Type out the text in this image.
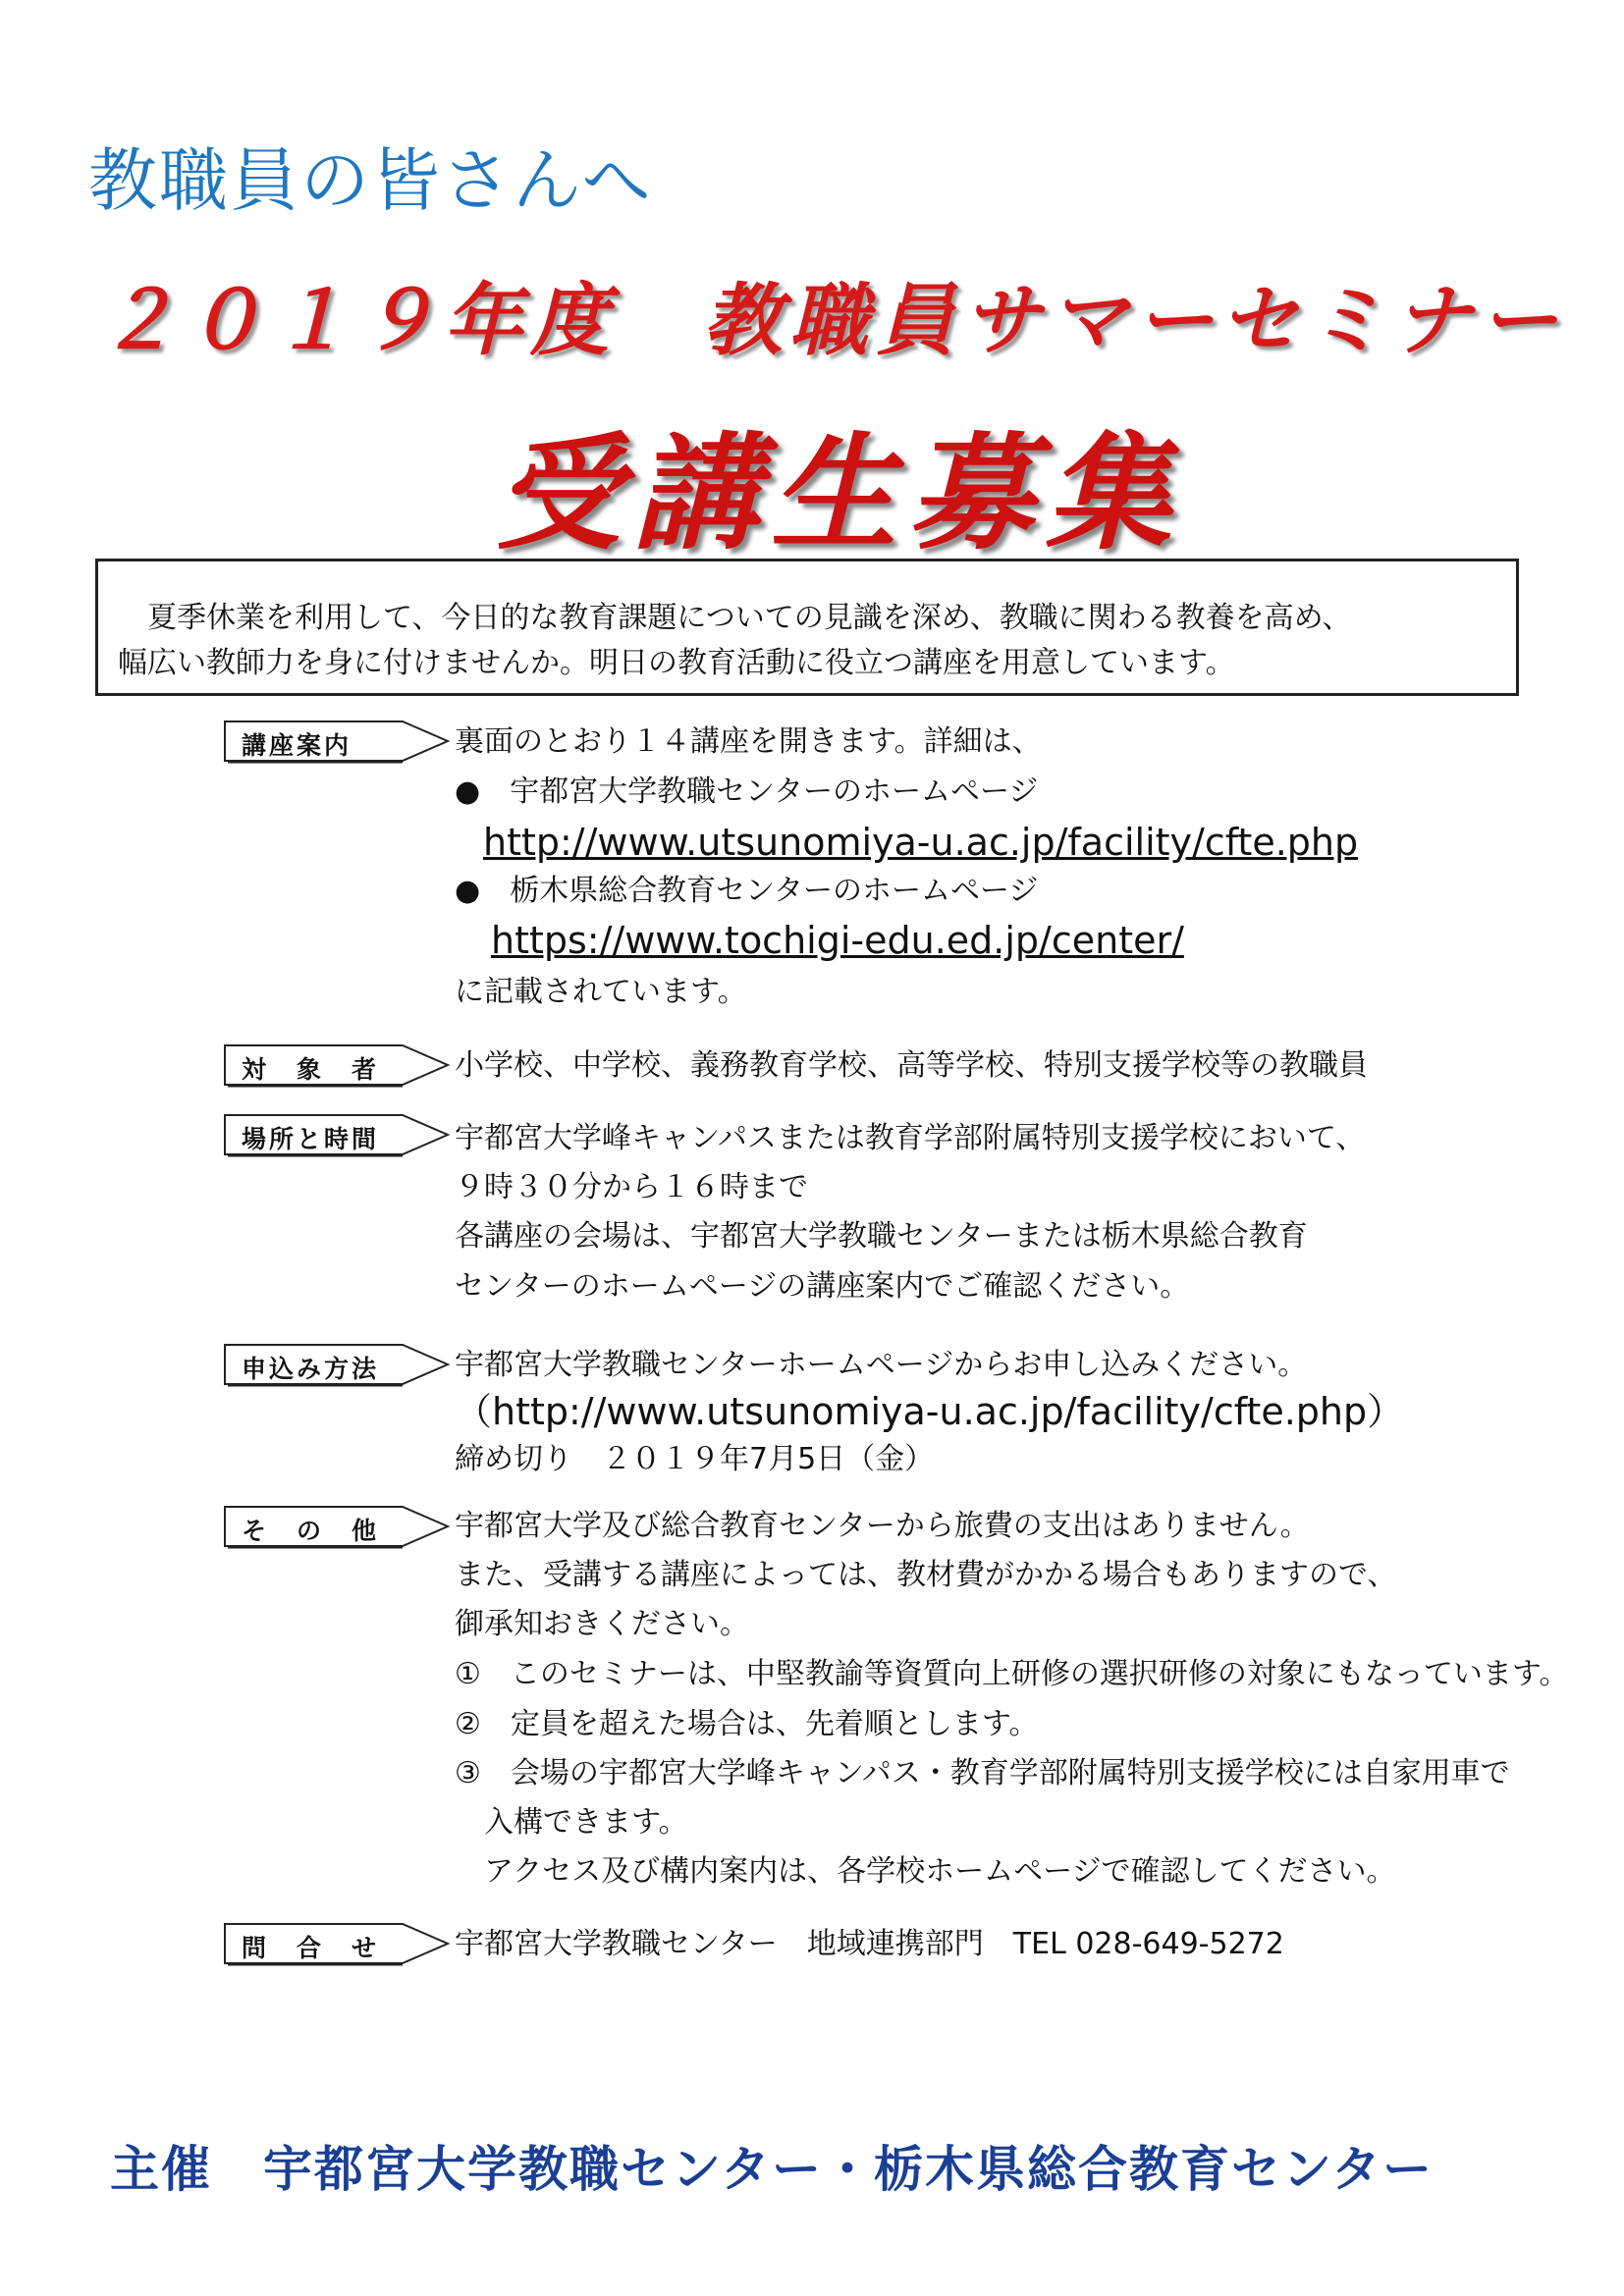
教職員の皆さんへ
２０１９年度　教職員サマーセミナー
受講生募集

夏季休業を利用して、今日的な教育課題についての見識を深め、教職に関わる教養を高め、
幅広い教師力を身に付けませんか。明日の教育活動に役立つ講座を用意しています。

講座案内	裏面のとおり１４講座を開きます。詳細は、
●　宇都宮大学教職センターのホームページ
http://www.utsunomiya-u.ac.jp/facility/cfte.php
●　栃木県総合教育センターのホームページ
https://www.tochigi-edu.ed.jp/center/
に記載されています。
対　象　者	小学校、中学校、義務教育学校、高等学校、特別支援学校等の教職員
場所と時間	宇都宮大学峰キャンパスまたは教育学部附属特別支援学校において、
９時３０分から１６時まで
各講座の会場は、宇都宮大学教職センターまたは栃木県総合教育
センターのホームページの講座案内でご確認ください。
申込み方法	宇都宮大学教職センターホームページからお申し込みください。
（http://www.utsunomiya-u.ac.jp/facility/cfte.php）
締め切り　２０１９年7月5日（金）
そ　の　他	宇都宮大学及び総合教育センターから旅費の支出はありません。
また、受講する講座によっては、教材費がかかる場合もありますので、
御承知おきください。
①　このセミナーは、中堅教諭等資質向上研修の選択研修の対象にもなっています。
②　定員を超えた場合は、先着順とします。
③　会場の宇都宮大学峰キャンパス・教育学部附属特別支援学校には自家用車で
入構できます。
アクセス及び構内案内は、各学校ホームページで確認してください。
問　合　せ	宇都宮大学教職センター　地域連携部門　TEL 028-649-5272
主催　宇都宮大学教職センター・栃木県総合教育センター
